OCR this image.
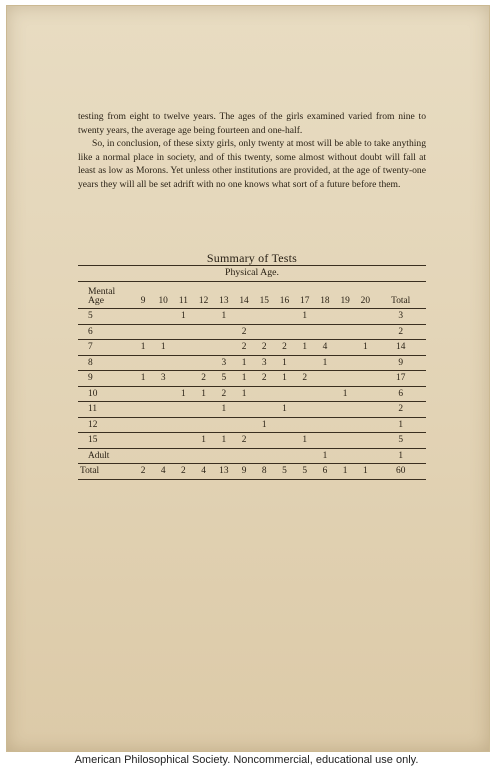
testing from eight to twelve years. The ages of the girls examined varied from nine to twenty years, the average age being fourteen and one-half.

So, in conclusion, of these sixty girls, only twenty at most will be able to take anything like a normal place in society, and of this twenty, some almost without doubt will fall at least as low as Morons. Yet unless other institutions are provided, at the age of twenty-one years they will all be set adrift with no one knows what sort of a future before them.

Summary of Tests
Physical Age.													
Mental
Age	9	10	11	12	13	14	15	16	17	18	19	20	Total
5			1		1				1				3
6						2							2
7	1	1				2	2	2	1	4		1	14
8					3	1	3	1		1			9
9	1	3		2	5	1	2	1	2				17
10			1	1	2	1					1		6
11					1			1					2
12							1						1
15				1	1	2			1				5
Adult										1			1
Total	2	4	2	4	13	9	8	5	5	6	1	1	60
American Philosophical Society. Noncommercial, educational use only.
